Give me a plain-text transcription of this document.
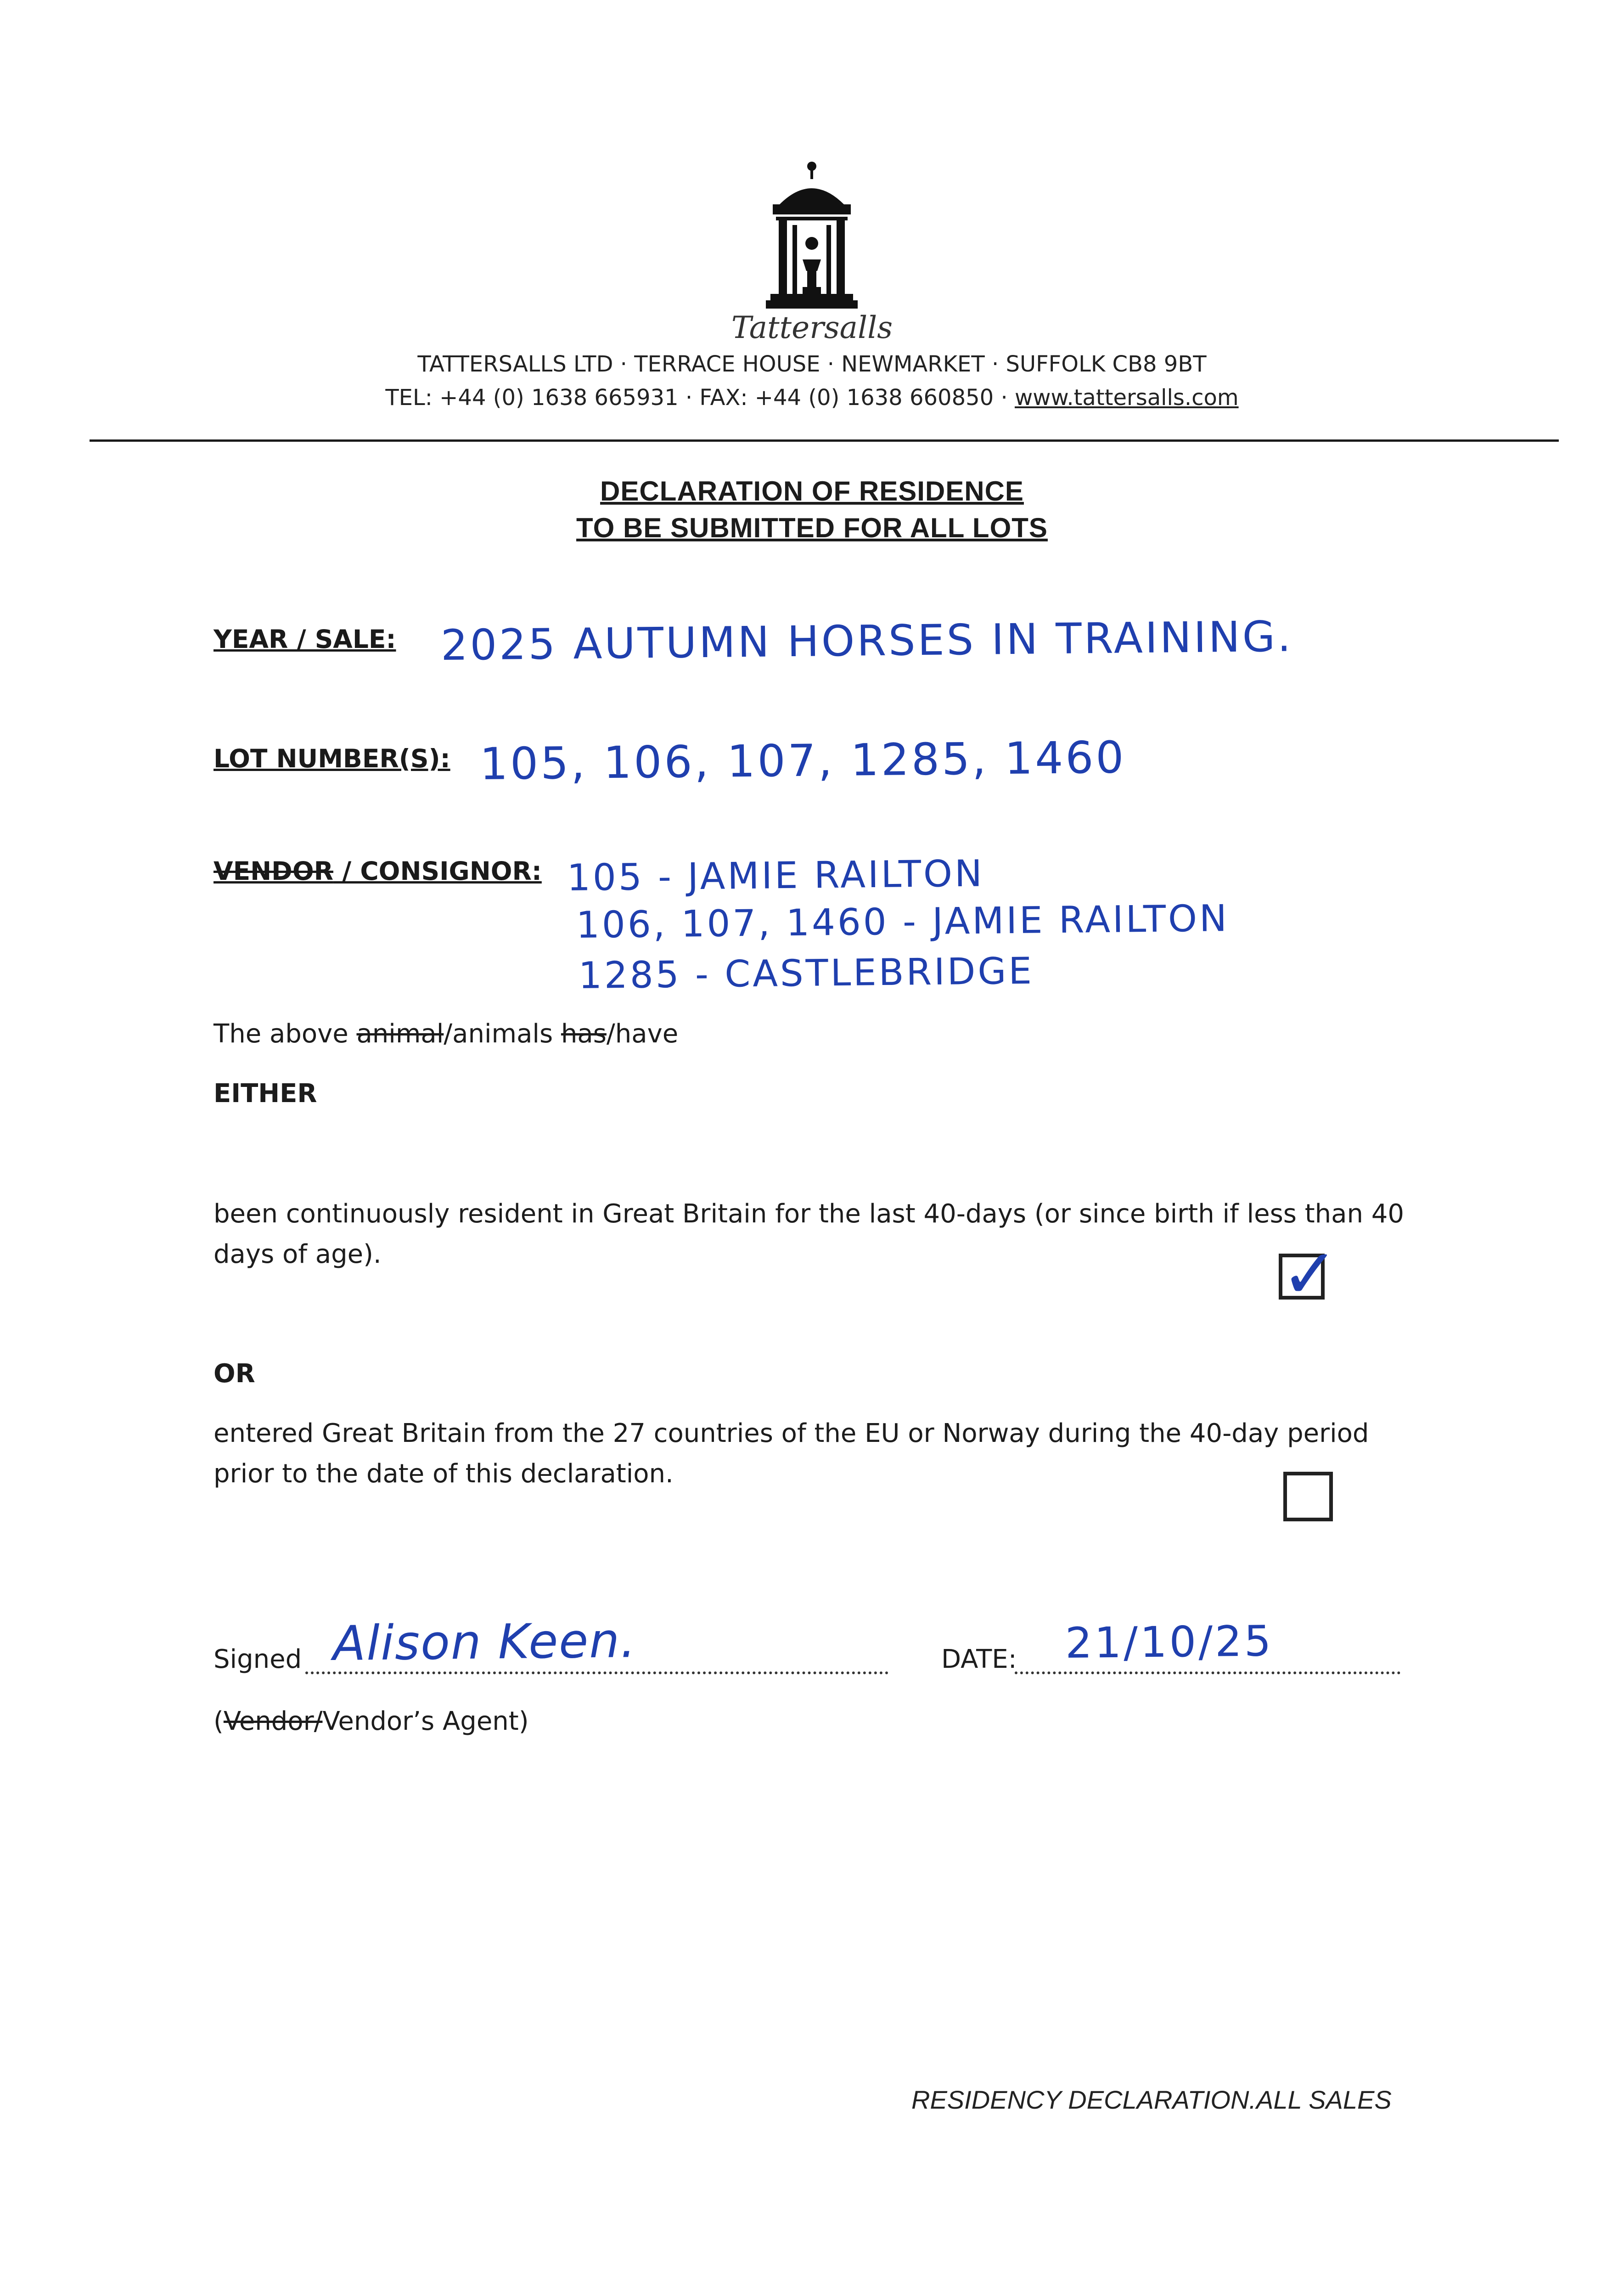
Tattersalls
TATTERSALLS LTD · TERRACE HOUSE · NEWMARKET · SUFFOLK CB8 9BT
TEL: +44 (0) 1638 665931 · FAX: +44 (0) 1638 660850 · www.tattersalls.com
DECLARATION OF RESIDENCE
TO BE SUBMITTED FOR ALL LOTS
YEAR / SALE: 2025 AUTUMN HORSES IN TRAINING.
LOT NUMBER(S): 105, 106, 107, 1285, 1460
VENDOR / CONSIGNOR: 105 - JAMIE RAILTON
106, 107, 1460 - JAMIE RAILTON
1285 - CASTLEBRIDGE
The above animal/animals has/have
EITHER
been continuously resident in Great Britain for the last 40-days (or since birth if less than 40
days of age).	✓
OR
entered Great Britain from the 27 countries of the EU or Norway during the 40-day period
prior to the date of this declaration.
Signed Alison Keen.	DATE: 21/10/25
(Vendor/Vendor’s Agent)
RESIDENCY DECLARATION.ALL SALES
